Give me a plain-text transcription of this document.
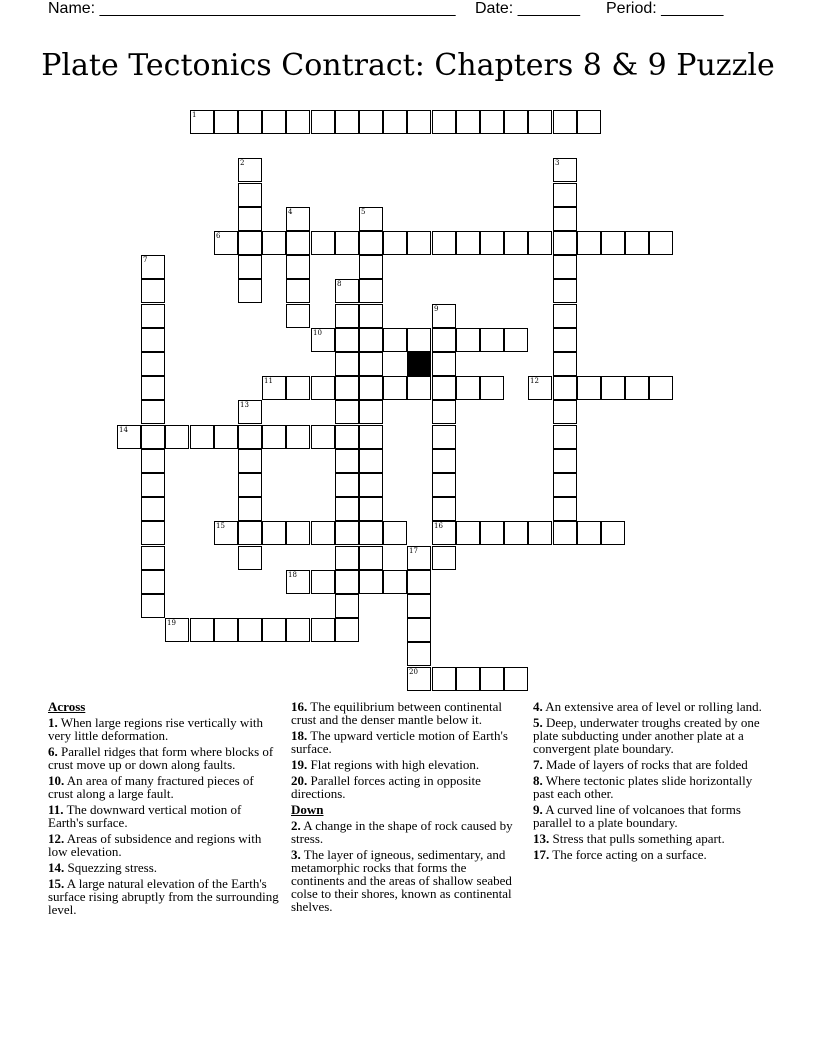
Name: ________________________________________ Date: _______ Period: _______
Plate Tectonics Contract: Chapters 8 & 9 Puzzle
1
2	3
4	5
6
7
8
9
16
10
11	12
13
14
15
17
20
18
19
Across
1. When large regions rise vertically with very little deformation.
6. Parallel ridges that form where blocks of crust move up or down along faults.
10. An area of many fractured pieces of crust along a large fault.
11. The downward vertical motion of Earth's surface.
12. Areas of subsidence and regions with low elevation.
14. Squezzing stress.
15. A large natural elevation of the Earth's surface rising abruptly from the surrounding level.
16. The equilibrium between continental crust and the denser mantle below it.
18. The upward verticle motion of Earth's surface.
19. Flat regions with high elevation.
20. Parallel forces acting in opposite directions.
Down
2. A change in the shape of rock caused by stress.
3. The layer of igneous, sedimentary, and metamorphic rocks that forms the continents and the areas of shallow seabed colse to their shores, known as continental shelves.
4. An extensive area of level or rolling land.
5. Deep, underwater troughs created by one plate subducting under another plate at a convergent plate boundary.
7. Made of layers of rocks that are folded
8. Where tectonic plates slide horizontally past each other.
9. A curved line of volcanoes that forms parallel to a plate boundary.
13. Stress that pulls something apart.
17. The force acting on a surface.
